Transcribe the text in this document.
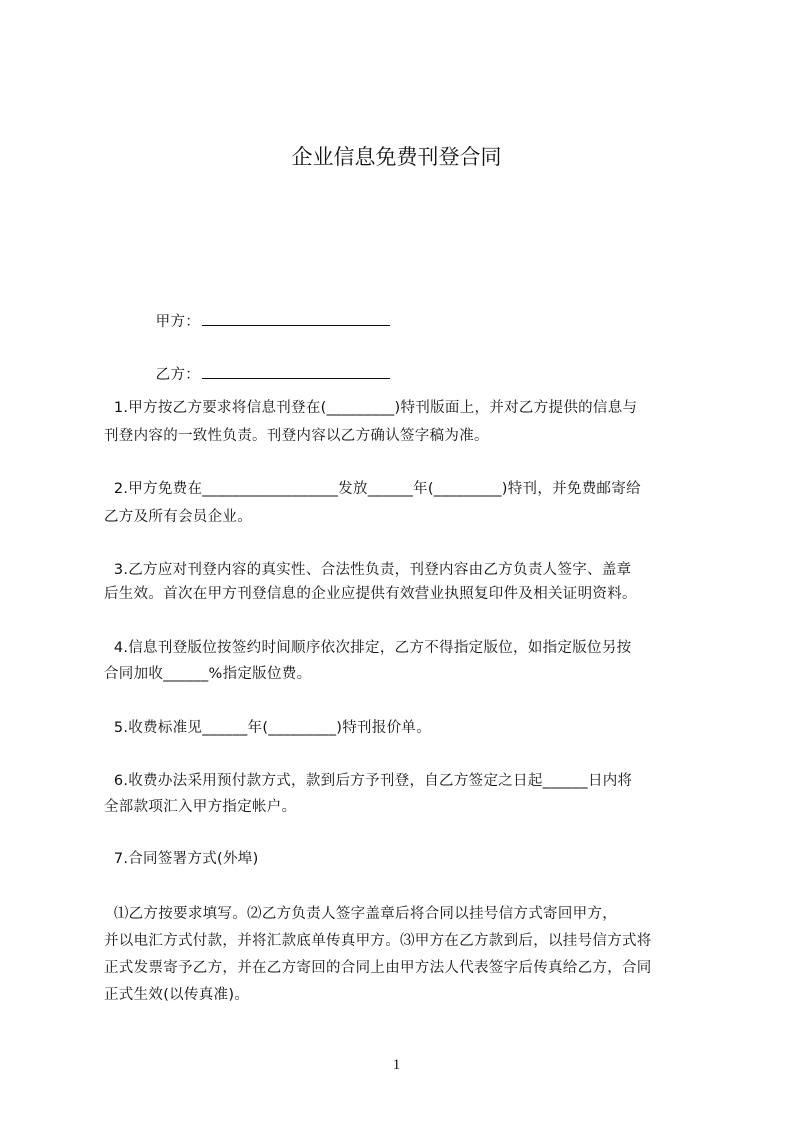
企业信息免费刊登合同

甲方：

乙方：

1.甲方按乙方要求将信息刊登在(_________)特刊版面上，并对乙方提供的信息与
刊登内容的一致性负责。刊登内容以乙方确认签字稿为准。
2.甲方免费在__________________发放______年(_________)特刊，并免费邮寄给
乙方及所有会员企业。
3.乙方应对刊登内容的真实性、合法性负责，刊登内容由乙方负责人签字、盖章
后生效。首次在甲方刊登信息的企业应提供有效营业执照复印件及相关证明资料。
4.信息刊登版位按签约时间顺序依次排定，乙方不得指定版位，如指定版位另按
合同加收______%指定版位费。
5.收费标准见______年(_________)特刊报价单。
6.收费办法采用预付款方式，款到后方予刊登，自乙方签定之日起______日内将
全部款项汇入甲方指定帐户。
7.合同签署方式(外埠)
⑴乙方按要求填写。⑵乙方负责人签字盖章后将合同以挂号信方式寄回甲方，
并以电汇方式付款，并将汇款底单传真甲方。⑶甲方在乙方款到后，以挂号信方式将
正式发票寄予乙方，并在乙方寄回的合同上由甲方法人代表签字后传真给乙方，合同
正式生效(以传真准)。
1
